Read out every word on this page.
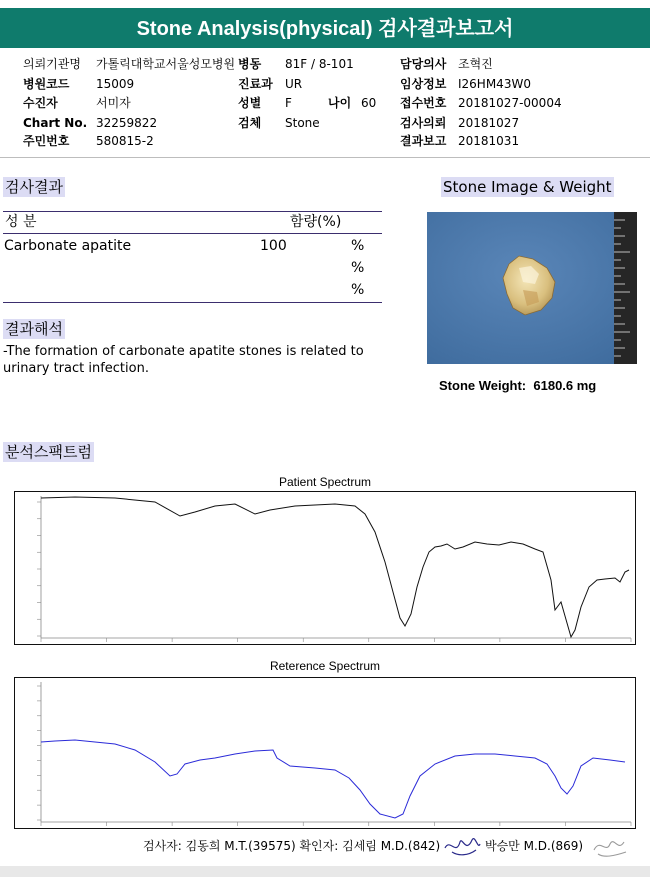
Stone Analysis(physical) 검사결과보고서
의뢰기관명 가톨릭대학교서울성모병원 병동 81F / 8-101	담당의사 조혁진
병원코드 15009	진료과 UR	임상정보 I26HM43W0
수진자	서미자	성별 F	나이 60 접수번호 20181027-00004
Chart No. 32259822	검체 Stone	검사의뢰 20181027
주민번호 580815-2	결과보고 20181031
검사결과
성 분	함량(%)
Carbonate apatite	100	%
%
%
결과해석
-The formation of carbonate apatite stones is related to urinary tract infection.
Stone Image & Weight
Stone Weight: 6180.6 mg
분석스팩트럼
Patient Spectrum
Reterence Spectrum
검사자: 김동희 M.T.(39575) 확인자: 김세림 M.D.(842)	박승만 M.D.(869)
